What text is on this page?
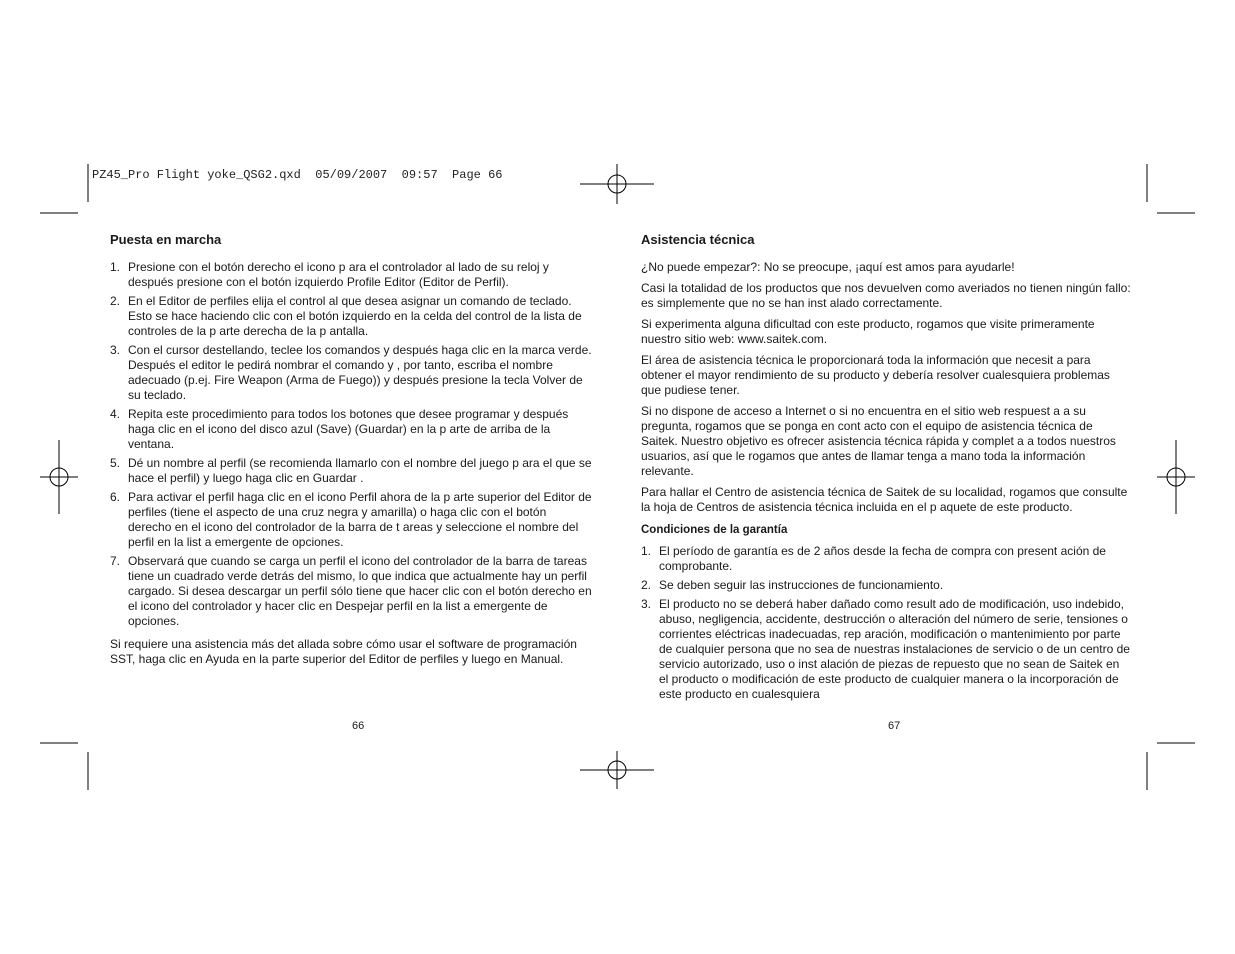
PZ45_Pro Flight yoke_QSG2.qxd  05/09/2007  09:57  Page 66
Puesta en marcha
1. Presione con el botón derecho el icono p ara el controlador al lado de su reloj y después presione con el botón izquierdo Profile Editor (Editor de Perfil).
2. En el Editor de perfiles elija el control al que desea asignar un comando de teclado. Esto se hace haciendo clic con el botón izquierdo en la celda del control de la lista de controles de la p arte derecha de la p antalla.
3. Con el cursor destellando, teclee los comandos y después haga clic en la marca verde. Después el editor le pedirá nombrar el comando y , por tanto, escriba el nombre adecuado (p.ej. Fire Weapon (Arma de Fuego)) y después presione la tecla Volver de su teclado.
4. Repita este procedimiento para todos los botones que desee programar y después haga clic en el icono del disco azul (Save) (Guardar) en la p arte de arriba de la ventana.
5. Dé un nombre al perfil (se recomienda llamarlo con el nombre del juego p ara el que se hace el perfil) y luego haga clic en Guardar .
6. Para activar el perfil haga clic en el icono Perfil ahora de la p arte superior del Editor de perfiles (tiene el aspecto de una cruz negra y amarilla) o haga clic con el botón derecho en el icono del controlador de la barra de t areas y seleccione el nombre del perfil en la list a emergente de opciones.
7. Observará que cuando se carga un perfil el icono del controlador de la barra de tareas tiene un cuadrado verde detrás del mismo, lo que indica que actualmente hay un perfil cargado. Si desea descargar un perfil sólo tiene que hacer clic con el botón derecho en el icono del controlador y hacer clic en Despejar perfil en la list a emergente de opciones.

Si requiere una asistencia más det allada sobre cómo usar el software de programación SST, haga clic en Ayuda en la parte superior del Editor de perfiles y luego en Manual.

66
Asistencia técnica

¿No puede empezar?: No se preocupe, ¡aquí est amos para ayudarle!

Casi la totalidad de los productos que nos devuelven como averiados no tienen ningún fallo: es simplemente que no se han inst alado correctamente.

Si experimenta alguna dificultad con este producto, rogamos que visite primeramente nuestro sitio web: www.saitek.com.

El área de asistencia técnica le proporcionará toda la información que necesit a para obtener el mayor rendimiento de su producto y debería resolver cualesquiera problemas que pudiese tener.

Si no dispone de acceso a Internet o si no encuentra en el sitio web respuest a a su pregunta, rogamos que se ponga en cont acto con el equipo de asistencia técnica de Saitek. Nuestro objetivo es ofrecer asistencia técnica rápida y complet a a todos nuestros usuarios, así que le rogamos que antes de llamar tenga a mano toda la información relevante.

Para hallar el Centro de asistencia técnica de Saitek de su localidad, rogamos que consulte la hoja de Centros de asistencia técnica incluida en el p aquete de este producto.

Condiciones de la garantía
1. El período de garantía es de 2 años desde la fecha de compra con present ación de comprobante.
2. Se deben seguir las instrucciones de funcionamiento.
3. El producto no se deberá haber dañado como result ado de modificación, uso indebido, abuso, negligencia, accidente, destrucción o alteración del número de serie, tensiones o corrientes eléctricas inadecuadas, rep aración, modificación o mantenimiento por parte de cualquier persona que no sea de nuestras instalaciones de servicio o de un centro de servicio autorizado, uso o inst alación de piezas de repuesto que no sean de Saitek en el producto o modificación de este producto de cualquier manera o la incorporación de este producto en cualesquiera
67
